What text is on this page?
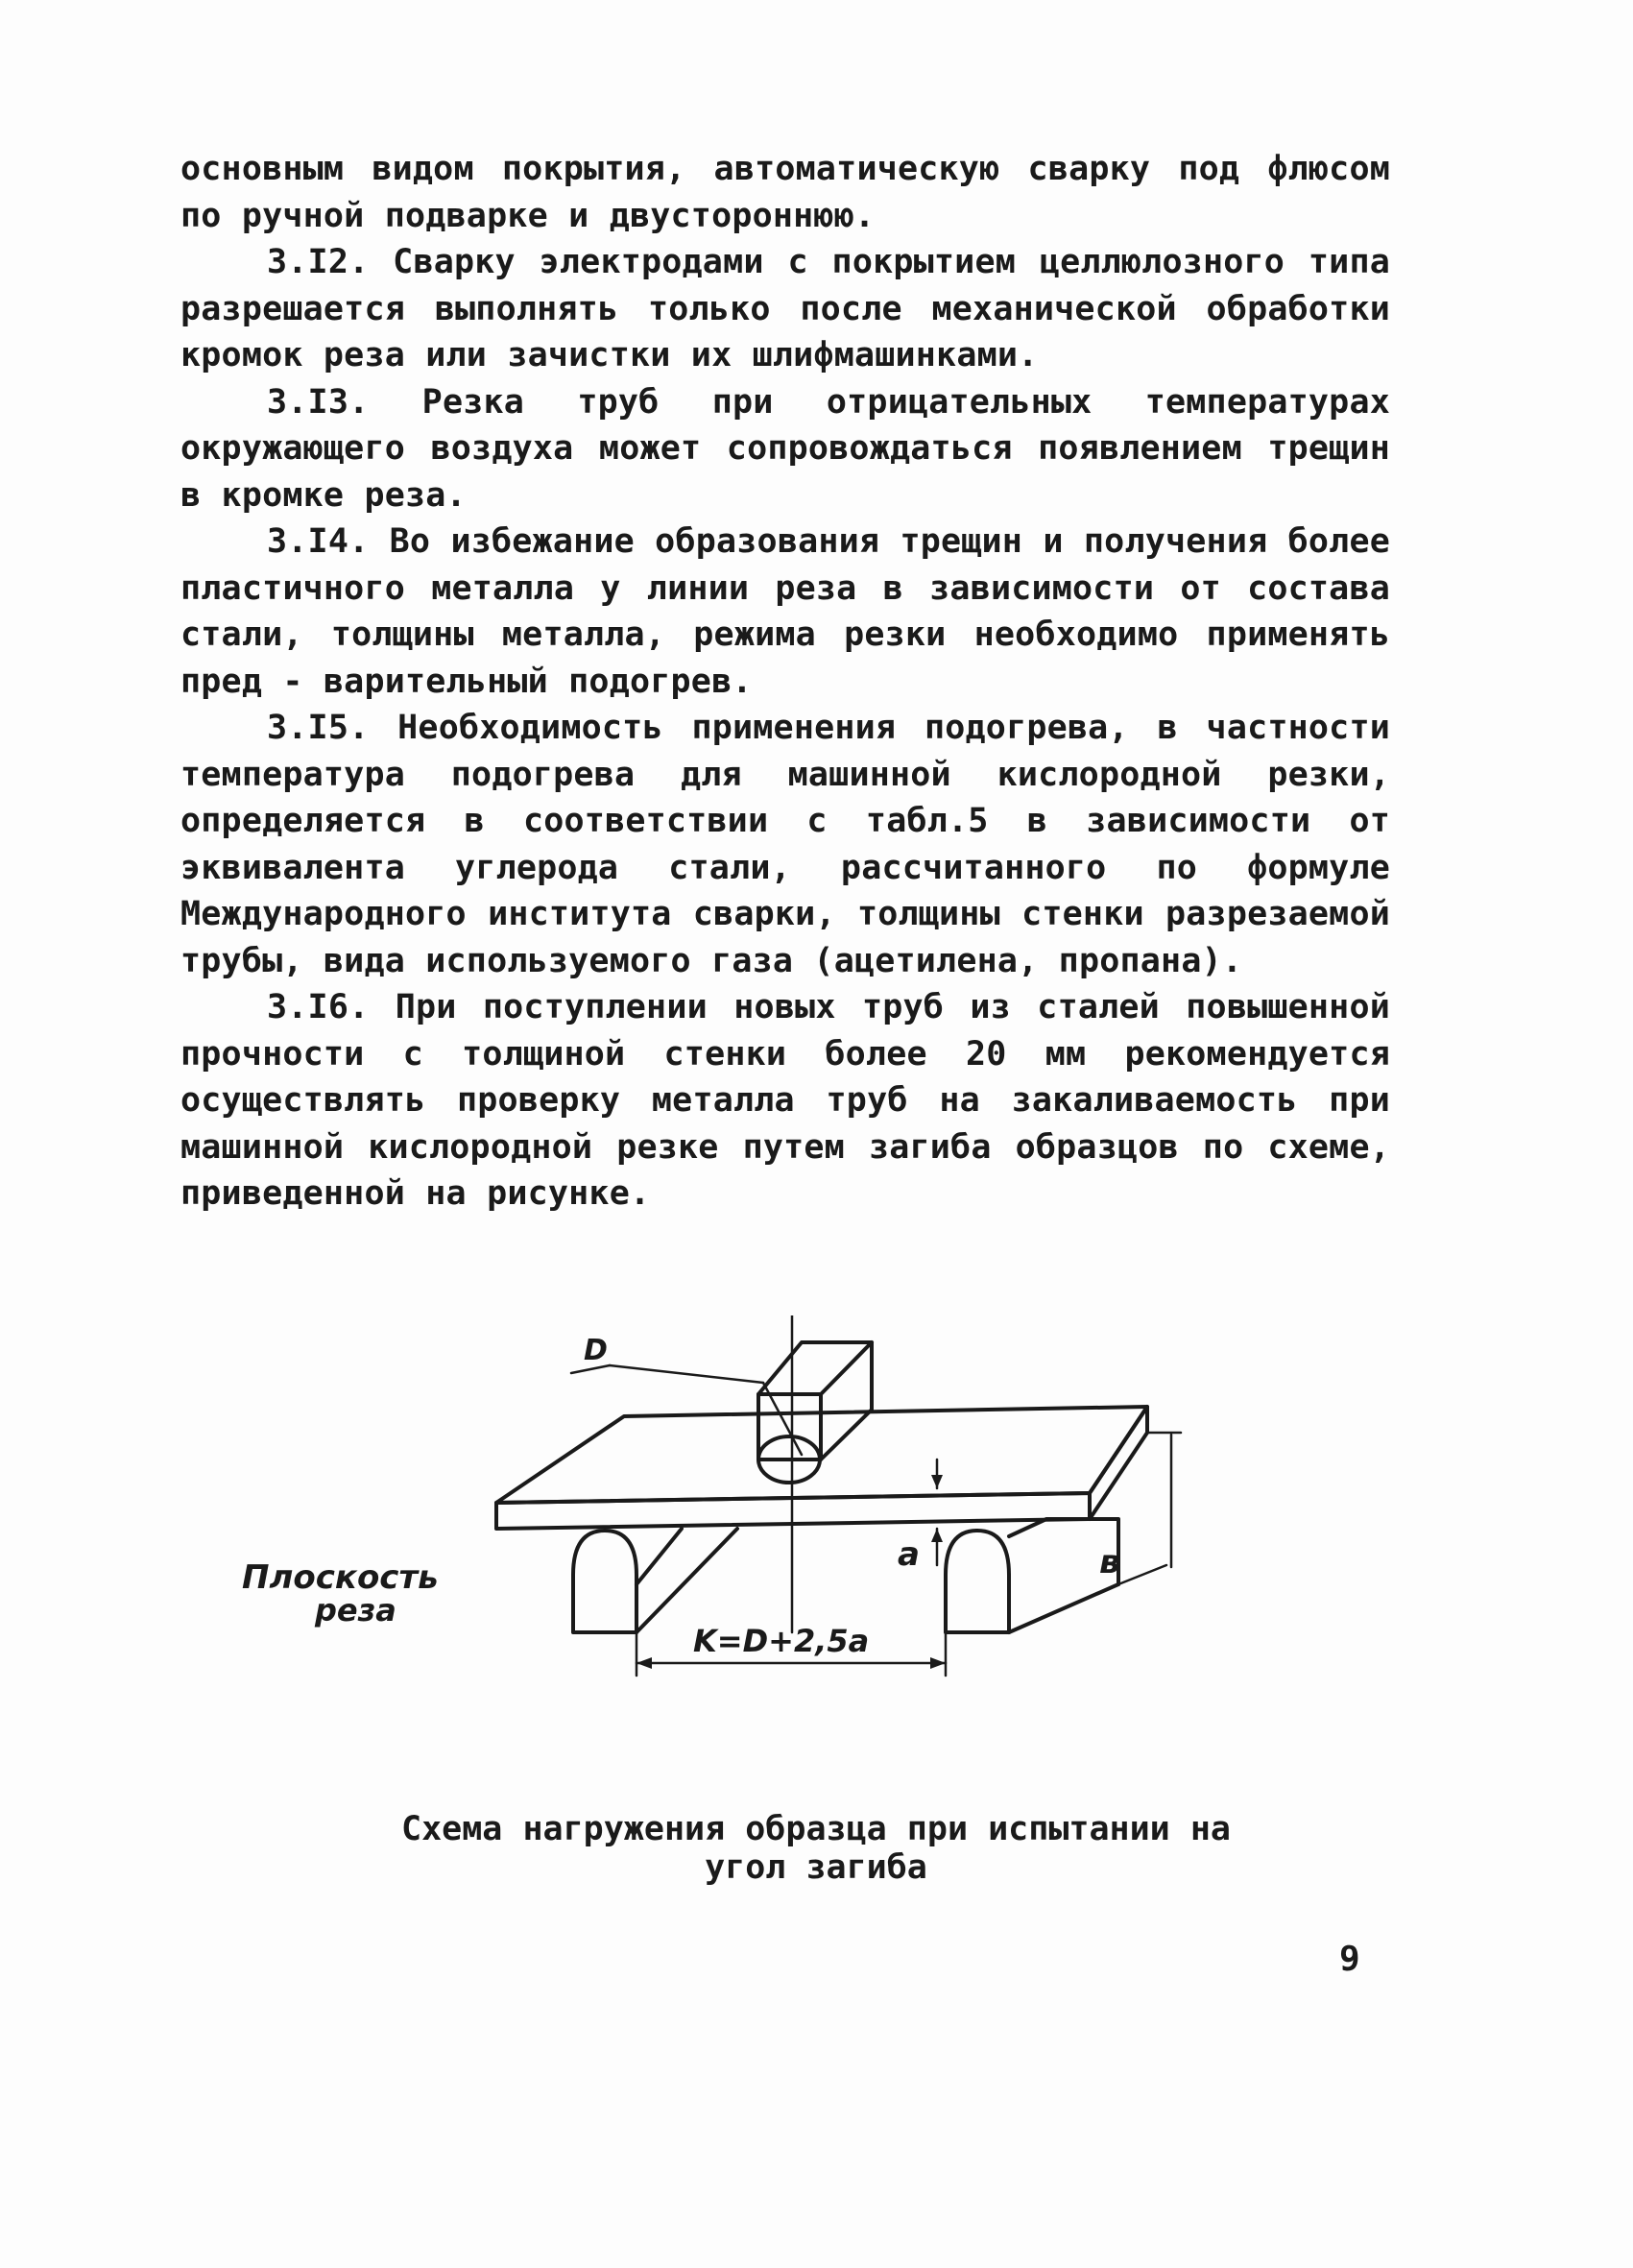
основным видом покрытия, автоматическую сварку под флюсом по ручной подварке и двустороннюю.

3.I2. Сварку электродами с покрытием целлюлозного типа разрешается выполнять только после механической обработки кромок реза или зачистки их шлифмашинками.

3.I3. Резка труб при отрицательных температурах окружающего воздуха может сопровождаться появлением трещин в кромке реза.

3.I4. Во избежание образования трещин и получения более пластичного металла у линии реза в зависимости от состава стали, толщины металла, режима резки необходимо применять пред - варительный подогрев.

3.I5. Необходимость применения подогрева, в частности температура подогрева для машинной кислородной резки, определяется в соответствии с табл.5 в зависимости от эквивалента углерода стали, рассчитанного по формуле Международного института сварки, толщины стенки разрезаемой трубы, вида используемого газа (ацетилена, пропана).

3.I6. При поступлении новых труб из сталей повышенной прочности с толщиной стенки более 20 мм рекомендуется осуществлять проверку металла труб на закаливаемость при машинной кислородной резке путем загиба образцов по схеме, приведенной на рисунке.

D
Плоскость
реза
a	в
K=D+2,5a
Схема нагружения образца при испытании на
угол загиба
9
